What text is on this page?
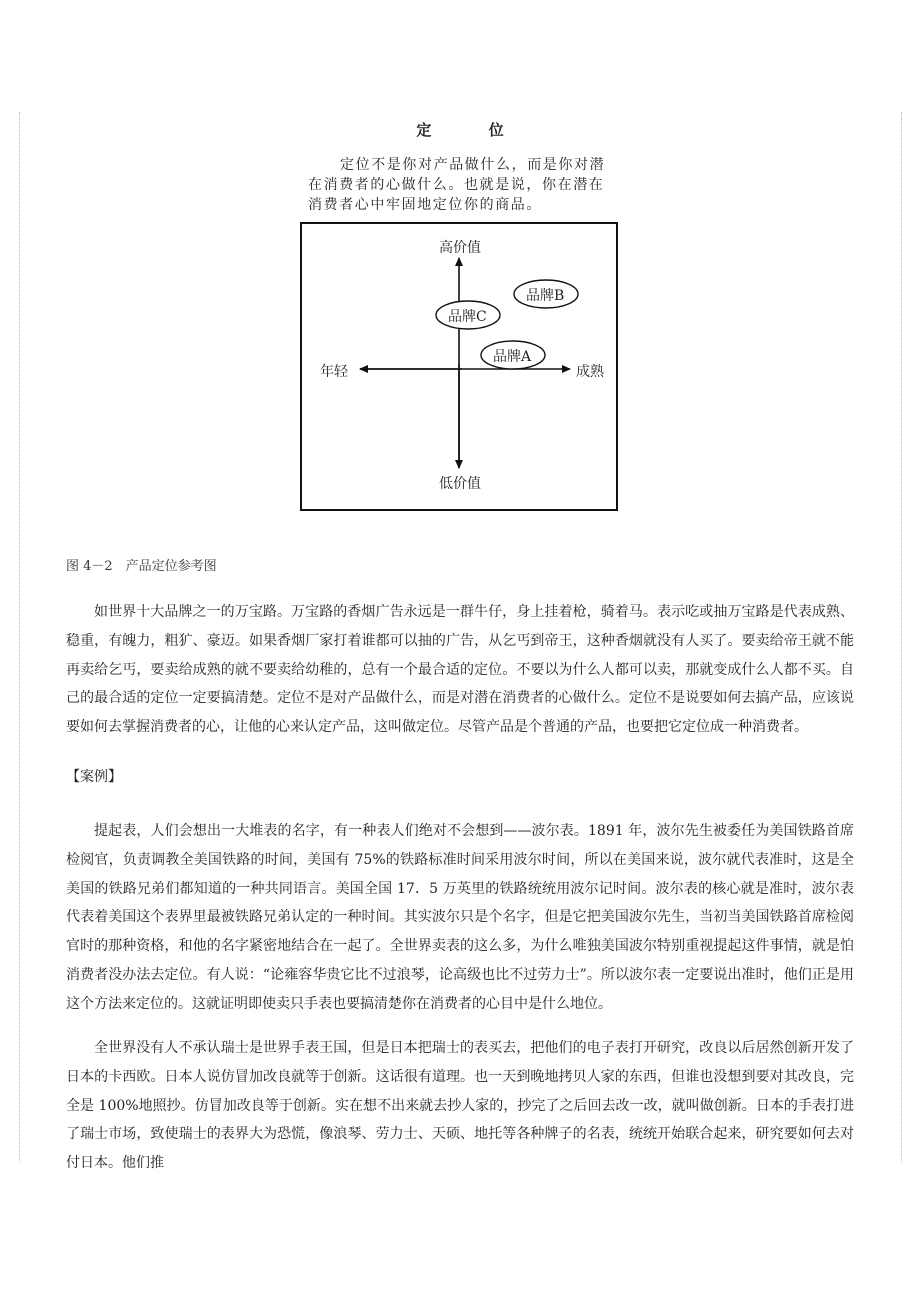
定 位

定位不是你对产品做什么，而是你对潜

在消费者的心做什么。也就是说，你在潜在

消费者心中牢固地定位你的商品。

高价值
低价值
年轻	成熟
品牌B
品牌C
品牌A
图 4－2　产品定位参考图

如世界十大品牌之一的万宝路。万宝路的香烟广告永远是一群牛仔，身上挂着枪，骑着马。表示吃或抽万宝路是代表成熟、稳重，有魄力，粗犷、豪迈。如果香烟厂家打着谁都可以抽的广告，从乞丐到帝王，这种香烟就没有人买了。要卖给帝王就不能再卖给乞丐，要卖给成熟的就不要卖给幼稚的，总有一个最合适的定位。不要以为什么人都可以卖，那就变成什么人都不买。自己的最合适的定位一定要搞清楚。定位不是对产品做什么，而是对潜在消费者的心做什么。定位不是说要如何去搞产品，应该说要如何去掌握消费者的心，让他的心来认定产品，这叫做定位。尽管产品是个普通的产品，也要把它定位成一种消费者。

【案例】

提起表，人们会想出一大堆表的名字，有一种表人们绝对不会想到——波尔表。1891 年，波尔先生被委任为美国铁路首席检阅官，负责调教全美国铁路的时间，美国有 75%的铁路标准时间采用波尔时间，所以在美国来说，波尔就代表准时，这是全美国的铁路兄弟们都知道的一种共同语言。美国全国 17．5 万英里的铁路统统用波尔记时间。波尔表的核心就是准时，波尔表代表着美国这个表界里最被铁路兄弟认定的一种时间。其实波尔只是个名字，但是它把美国波尔先生，当初当美国铁路首席检阅官时的那种资格，和他的名字紧密地结合在一起了。全世界卖表的这么多，为什么唯独美国波尔特别重视提起这件事情，就是怕消费者没办法去定位。有人说：“论雍容华贵它比不过浪琴，论高级也比不过劳力士”。所以波尔表一定要说出准时，他们正是用这个方法来定位的。这就证明即使卖只手表也要搞清楚你在消费者的心目中是什么地位。

全世界没有人不承认瑞士是世界手表王国，但是日本把瑞士的表买去，把他们的电子表打开研究，改良以后居然创新开发了日本的卡西欧。日本人说仿冒加改良就等于创新。这话很有道理。也一天到晚地拷贝人家的东西，但谁也没想到要对其改良，完全是 100%地照抄。仿冒加改良等于创新。实在想不出来就去抄人家的，抄完了之后回去改一改，就叫做创新。日本的手表打进了瑞士市场，致使瑞士的表界大为恐慌，像浪琴、劳力士、天硕、地托等各种牌子的名表，统统开始联合起来，研究要如何去对付日本。他们推
